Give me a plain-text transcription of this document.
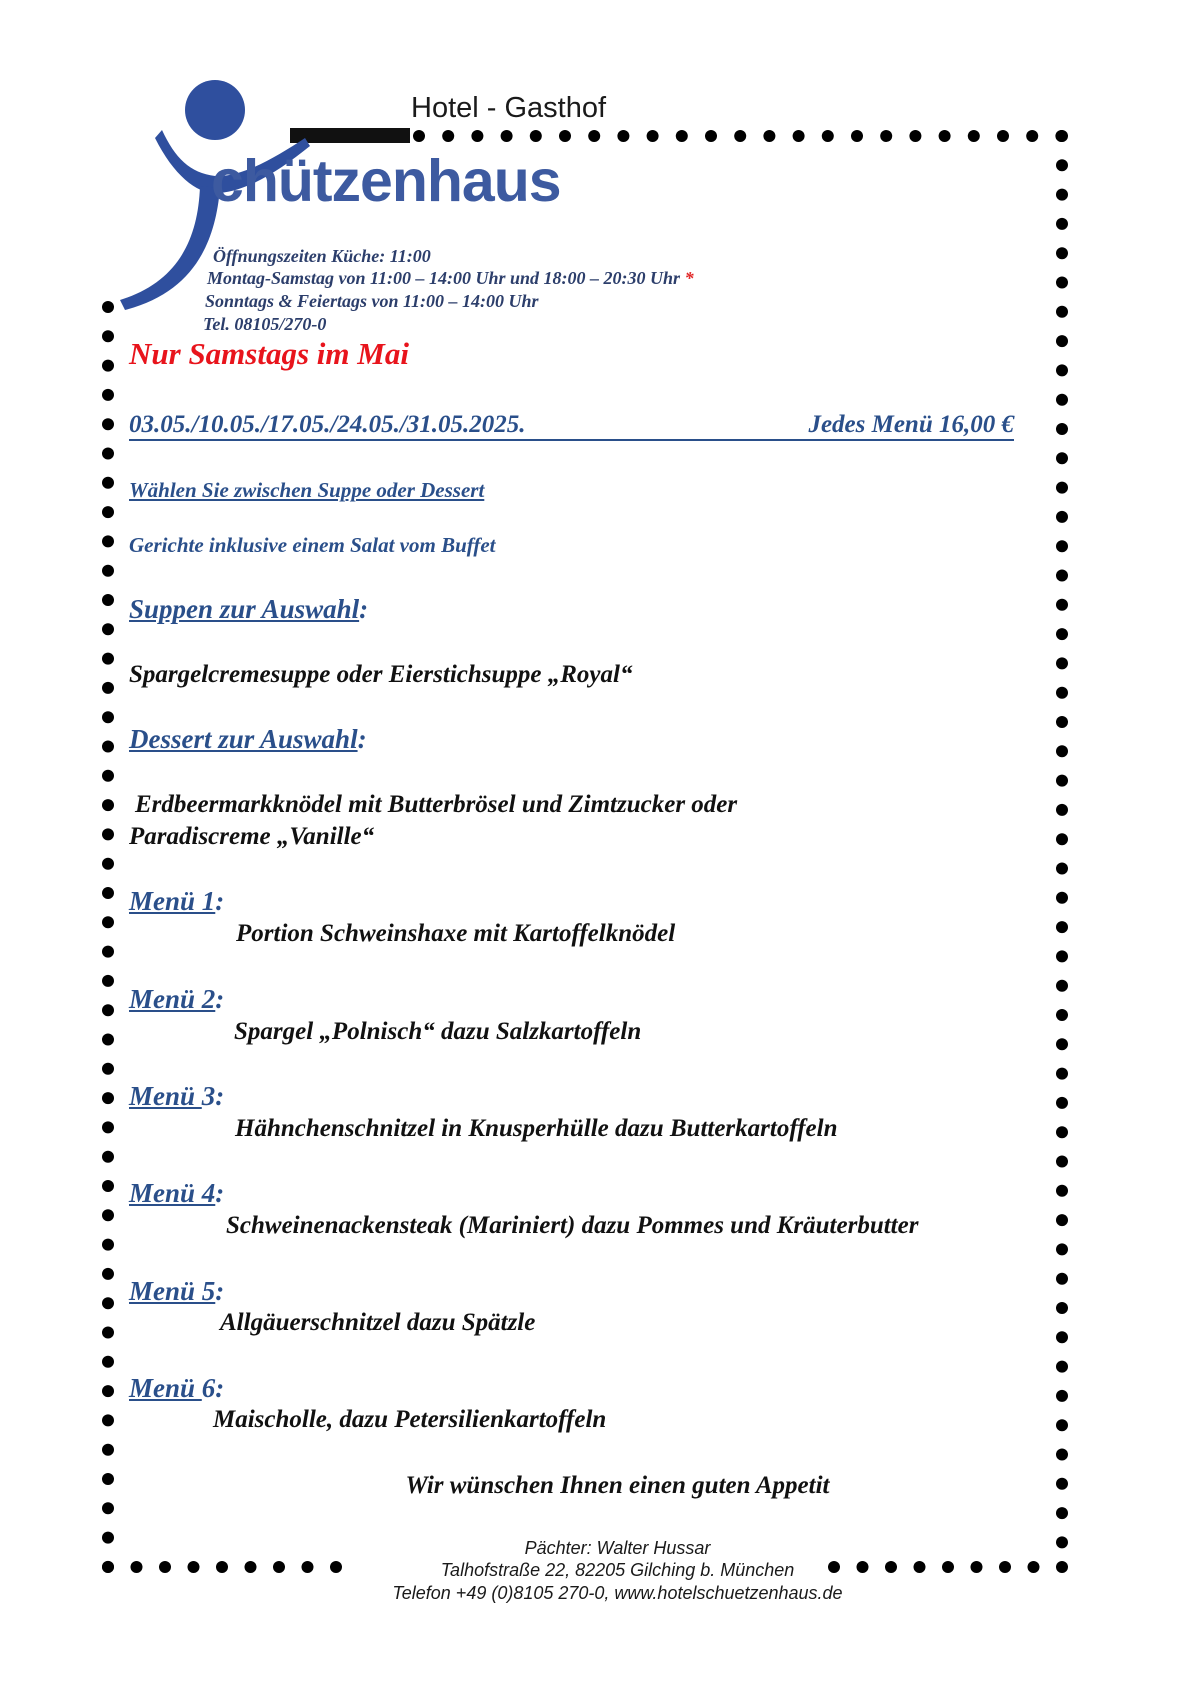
Hotel - Gasthof
chützenhaus
Öffnungszeiten Küche: 11:00
Montag-Samstag von 11:00 – 14:00 Uhr und 18:00 – 20:30 Uhr *
Sonntags & Feiertags von 11:00 – 14:00 Uhr
Tel. 08105/270-0
Nur Samstags im Mai
03.05./10.05./17.05./24.05./31.05.2025.	Jedes Menü 16,00 €
Wählen Sie zwischen Suppe oder Dessert
Gerichte inklusive einem Salat vom Buffet
Suppen zur Auswahl:
Spargelcremesuppe oder Eierstichsuppe „Royal“
Dessert zur Auswahl:
Erdbeermarkknödel mit Butterbrösel und Zimtzucker oder
Paradiscreme „Vanille“
Menü 1:
Portion Schweinshaxe mit Kartoffelknödel
Menü 2:
Spargel „Polnisch“ dazu Salzkartoffeln
Menü 3:
Hähnchenschnitzel in Knusperhülle dazu Butterkartoffeln
Menü 4:
Schweinenackensteak (Mariniert) dazu Pommes und Kräuterbutter
Menü 5:
Allgäuerschnitzel dazu Spätzle
Menü 6:
Maischolle, dazu Petersilienkartoffeln
Wir wünschen Ihnen einen guten Appetit
Pächter: Walter Hussar
Talhofstraße 22, 82205 Gilching b. München
Telefon +49 (0)8105 270-0, www.hotelschuetzenhaus.de
